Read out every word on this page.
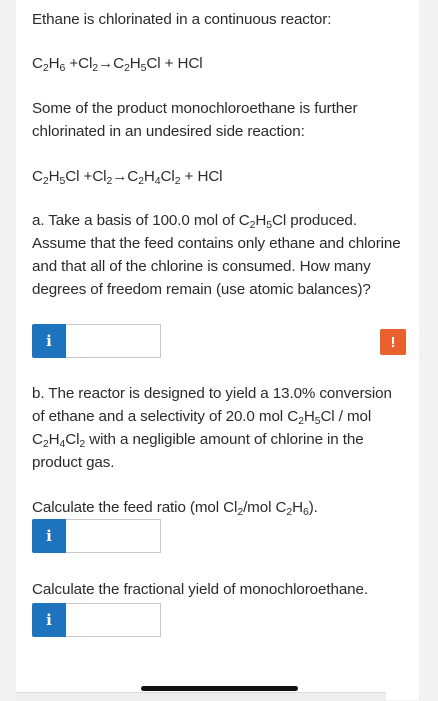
Ethane is chlorinated in a continuous reactor:
$C_2H_6 +Cl_2\to C_2H_5Cl$ + HCl
Some of the product monochloroethane is further chlorinated in an undesired side reaction:
$C_2H_5Cl +Cl_2\to C_2H_4Cl_2$ + HCl
a. Take a basis of 100.0 mol of $C_2H_5Cl$ produced. Assume that the feed contains only ethane and chlorine and that all of the chlorine is consumed. How many degrees of freedom remain (use atomic balances)?
i	!
b. The reactor is designed to yield a 13.0% conversion of ethane and a selectivity of 20.0 mol $C_2H_5Cl$ / mol $C_2H_4Cl_2$ with a negligible amount of chlorine in the product gas.
Calculate the feed ratio (mol $Cl_2$/mol $C_2H_6$).
i
Calculate the fractional yield of monochloroethane.
i
